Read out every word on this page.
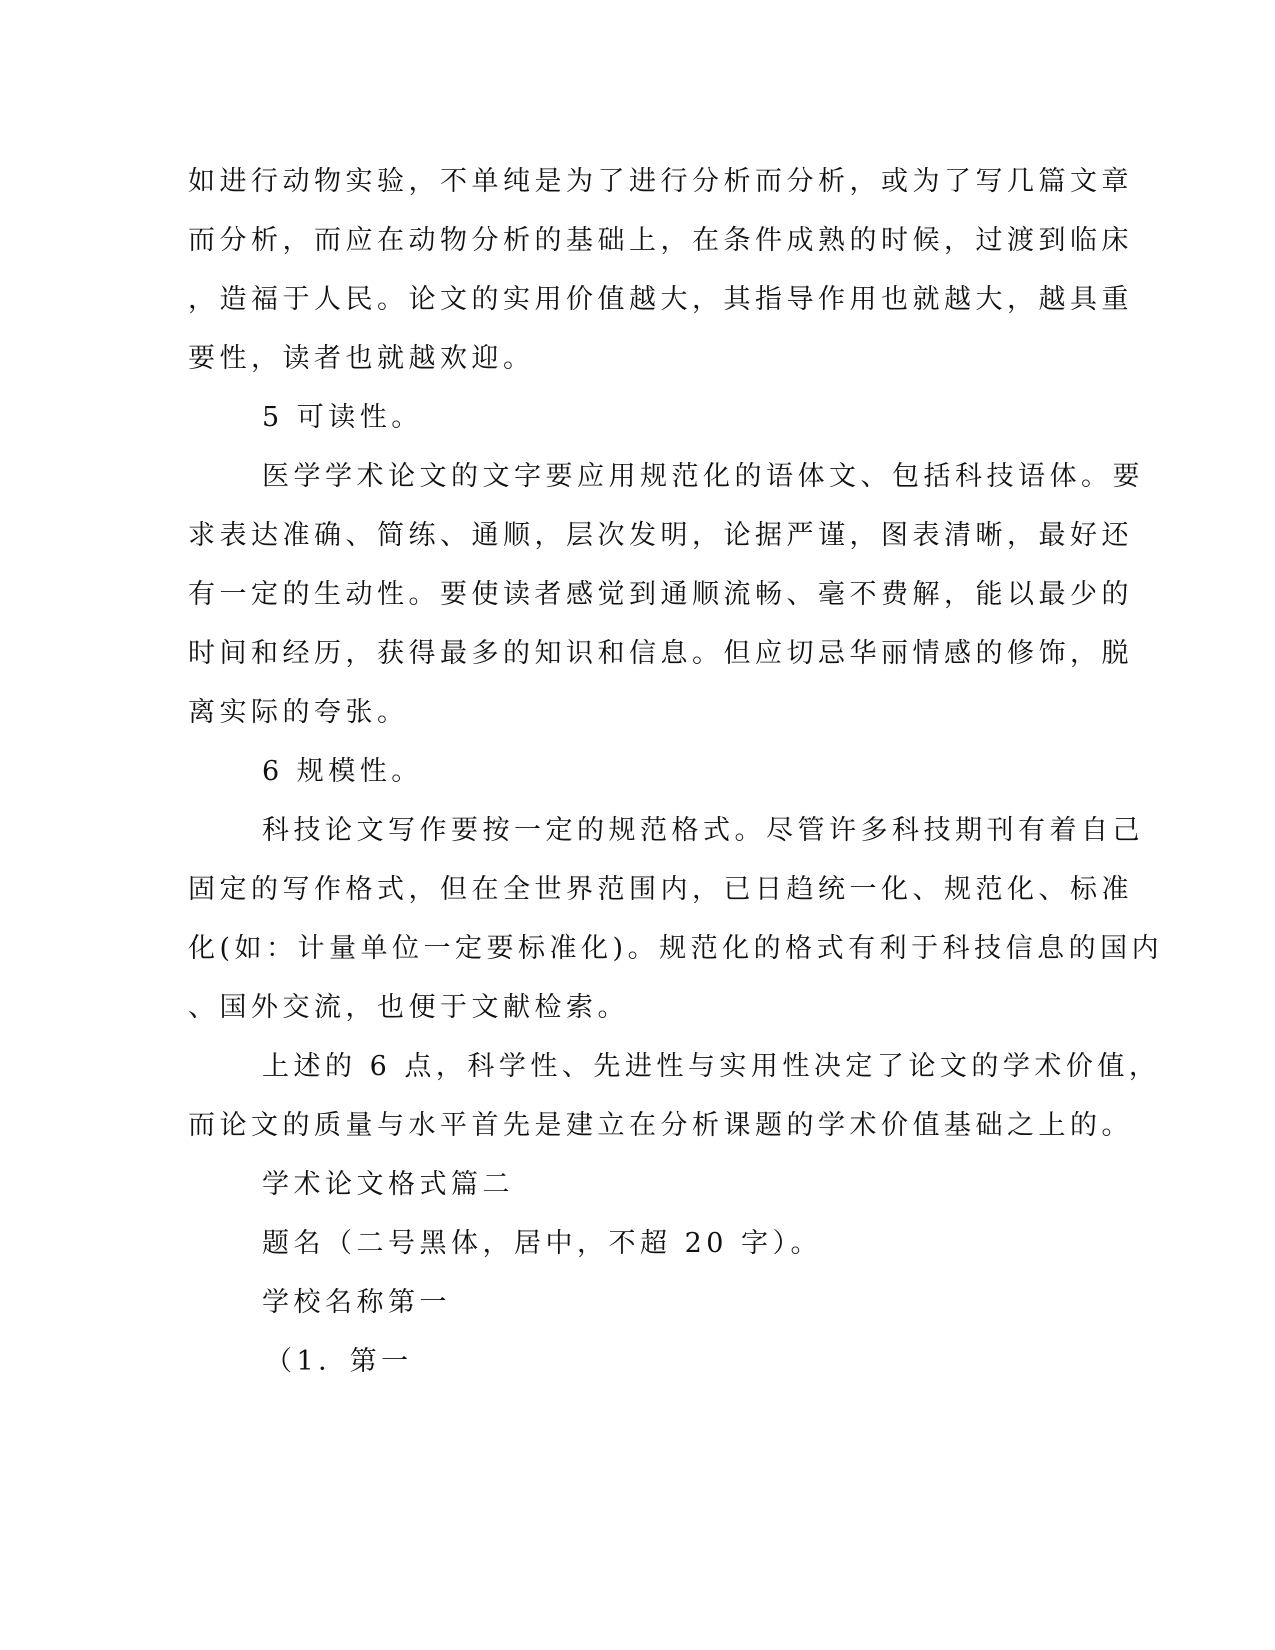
如进行动物实验，不单纯是为了进行分析而分析，或为了写几篇文章
而分析，而应在动物分析的基础上，在条件成熟的时候，过渡到临床
，造福于人民。论文的实用价值越大，其指导作用也就越大，越具重
要性，读者也就越欢迎。
5 可读性。
医学学术论文的文字要应用规范化的语体文、包括科技语体。要
求表达准确、简练、通顺，层次发明，论据严谨，图表清晰，最好还
有一定的生动性。要使读者感觉到通顺流畅、毫不费解，能以最少的
时间和经历，获得最多的知识和信息。但应切忌华丽情感的修饰，脱
离实际的夸张。
6 规模性。
科技论文写作要按一定的规范格式。尽管许多科技期刊有着自己
固定的写作格式，但在全世界范围内，已日趋统一化、规范化、标准
化(如：计量单位一定要标准化)。规范化的格式有利于科技信息的国内
、国外交流，也便于文献检索。
上述的 6 点，科学性、先进性与实用性决定了论文的学术价值，
而论文的质量与水平首先是建立在分析课题的学术价值基础之上的。
学术论文格式篇二
题名（二号黑体，居中，不超 20 字）。
学校名称第一
（1．第一
